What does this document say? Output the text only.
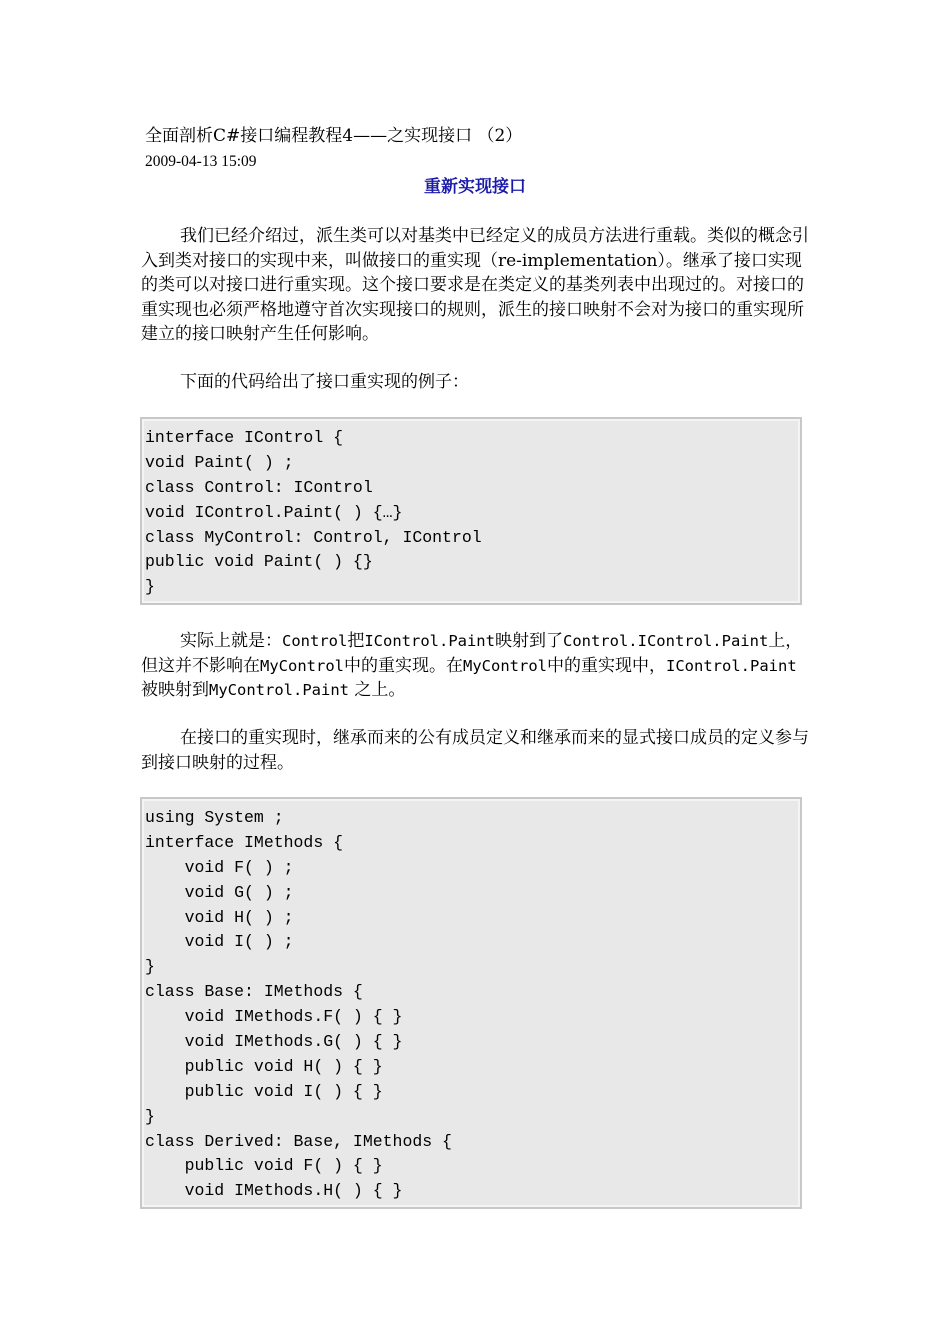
全面剖析C#接口编程教程4——之实现接口 （2）
2009-04-13 15:09
重新实现接口

我们已经介绍过，派生类可以对基类中已经定义的成员方法进行重载。类似的概念引入到类对接口的实现中来，叫做接口的重实现（re-implementation）。继承了接口实现的类可以对接口进行重实现。这个接口要求是在类定义的基类列表中出现过的。对接口的重实现也必须严格地遵守首次实现接口的规则，派生的接口映射不会对为接口的重实现所建立的接口映射产生任何影响。

下面的代码给出了接口重实现的例子：

interface IControl {
void Paint( ) ;
class Control: IControl
void IControl.Paint( ) {…}
class MyControl: Control, IControl
public void Paint( ) {}
}

实际上就是：Control把IControl.Paint映射到了Control.IControl.Paint上，但这并不影响在MyControl中的重实现。在MyControl中的重实现中，IControl.Paint被映射到MyControl.Paint 之上。

在接口的重实现时，继承而来的公有成员定义和继承而来的显式接口成员的定义参与到接口映射的过程。

using System ;
interface IMethods {
void F( ) ;
void G( ) ;
void H( ) ;
void I( ) ;
}
class Base: IMethods {
void IMethods.F( ) { }
void IMethods.G( ) { }
public void H( ) { }
public void I( ) { }
}
class Derived: Base, IMethods {
public void F( ) { }
void IMethods.H( ) { }
